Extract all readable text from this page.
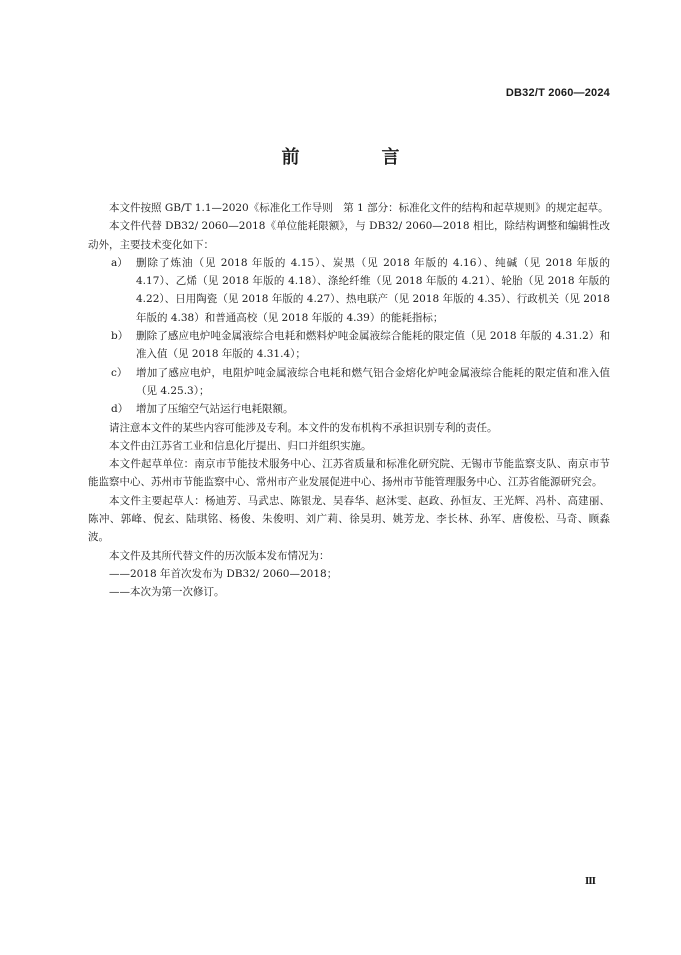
DB32/T 2060—2024
前　言

本文件按照 GB/T 1.1—2020《标准化工作导则　第 1 部分：标准化文件的结构和起草规则》的规定起草。

本文件代替 DB32/ 2060—2018《单位能耗限额》，与 DB32/ 2060—2018 相比，除结构调整和编辑性改动外，主要技术变化如下：

a） 删除了炼油（见 2018 年版的 4.15）、炭黑（见 2018 年版的 4.16）、纯碱（见 2018 年版的 4.17）、乙烯（见 2018 年版的 4.18）、涤纶纤维（见 2018 年版的 4.21）、轮胎（见 2018 年版的 4.22）、日用陶瓷（见 2018 年版的 4.27）、热电联产（见 2018 年版的 4.35）、行政机关（见 2018 年版的 4.38）和普通高校（见 2018 年版的 4.39）的能耗指标；

b） 删除了感应电炉吨金属液综合电耗和燃料炉吨金属液综合能耗的限定值（见 2018 年版的 4.31.2）和准入值（见 2018 年版的 4.31.4）；

c） 增加了感应电炉，电阻炉吨金属液综合电耗和燃气铝合金熔化炉吨金属液综合能耗的限定值和准入值（见 4.25.3）；

d） 增加了压缩空气站运行电耗限额。

请注意本文件的某些内容可能涉及专利。本文件的发布机构不承担识别专利的责任。

本文件由江苏省工业和信息化厅提出、归口并组织实施。

本文件起草单位：南京市节能技术服务中心、江苏省质量和标准化研究院、无锡市节能监察支队、南京市节能监察中心、苏州市节能监察中心、常州市产业发展促进中心、扬州市节能管理服务中心、江苏省能源研究会。

本文件主要起草人：杨迪芳、马武忠、陈银龙、吴春华、赵沐雯、赵政、孙恒友、王光辉、冯朴、高建丽、陈冲、郭峰、倪玄、陆琪铭、杨俊、朱俊明、刘广莉、徐昊玥、姚芳龙、李长林、孙军、唐俊松、马奇、顾淼波。

本文件及其所代替文件的历次版本发布情况为：

——2018 年首次发布为 DB32/ 2060—2018；

——本次为第一次修订。

Ⅲ
